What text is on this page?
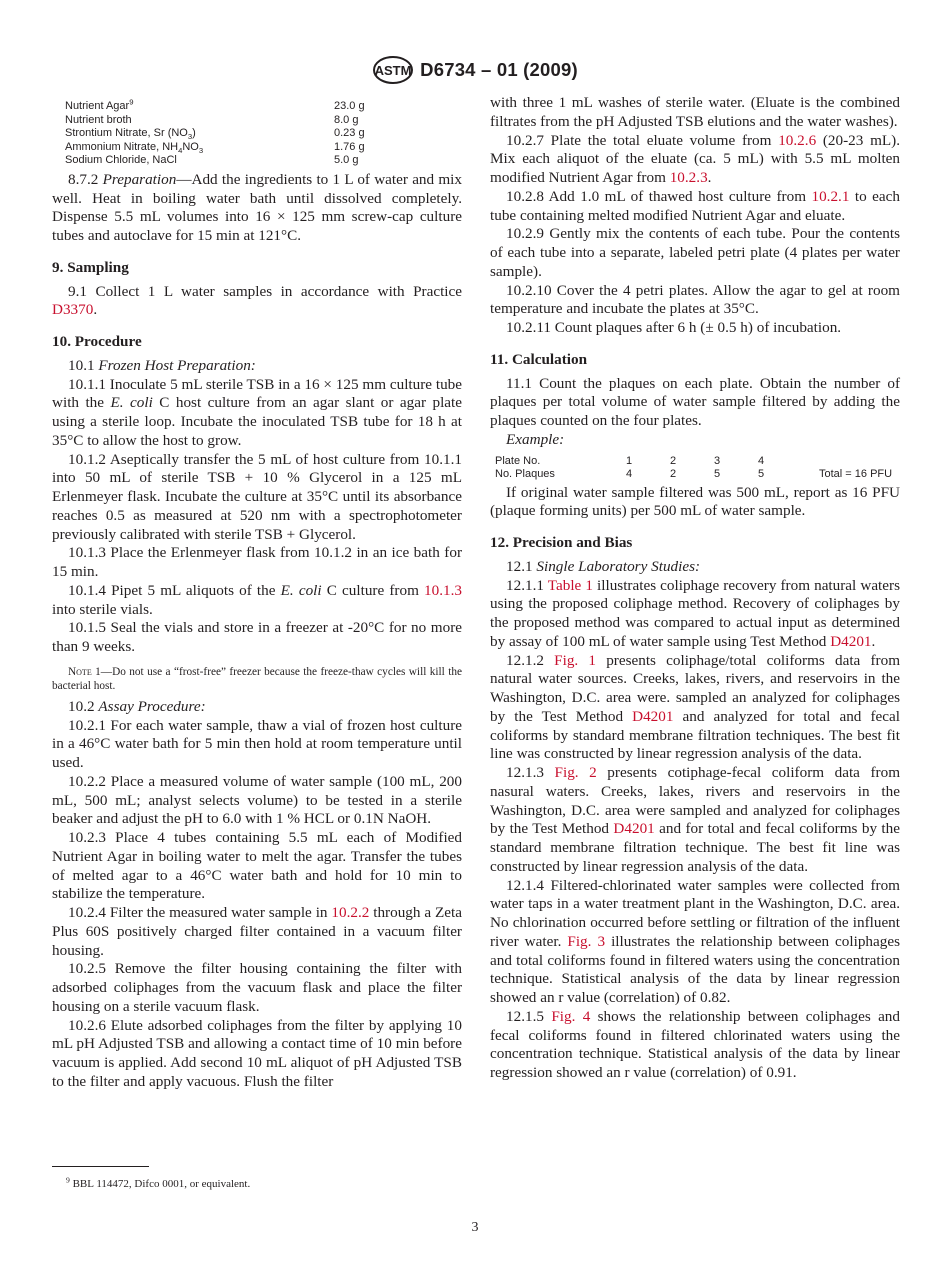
ASTM D6734 – 01 (2009)
Nutrient Agar$^9$	23.0 g
Nutrient broth	8.0 g
Strontium Nitrate, Sr $(NO_3)$	0.23 g
Ammonium Nitrate, $NH_4NO_3$	1.76 g
Sodium Chloride, NaCl	5.0 g
8.7.2 Preparation—Add the ingredients to 1 L of water and mix well. Heat in boiling water bath until dissolved completely. Dispense 5.5 mL volumes into 16 × 125 mm screw-cap culture tubes and autoclave for 15 min at 121°C.
9. Sampling
9.1 Collect 1 L water samples in accordance with Practice D3370.
10. Procedure
10.1 Frozen Host Preparation:
10.1.1 Inoculate 5 mL sterile TSB in a 16 × 125 mm culture tube with the E. coli C host culture from an agar slant or agar plate using a sterile loop. Incubate the inoculated TSB tube for 18 h at 35°C to allow the host to grow.
10.1.2 Aseptically transfer the 5 mL of host culture from 10.1.1 into 50 mL of sterile TSB + 10 % Glycerol in a 125 mL Erlenmeyer flask. Incubate the culture at 35°C until its absorbance reaches 0.5 as measured at 520 nm with a spectrophotometer previously calibrated with sterile TSB + Glycerol.
10.1.3 Place the Erlenmeyer flask from 10.1.2 in an ice bath for 15 min.
10.1.4 Pipet 5 mL aliquots of the E. coli C culture from 10.1.3 into sterile vials.
10.1.5 Seal the vials and store in a freezer at -20°C for no more than 9 weeks.
Note 1—Do not use a “frost-free” freezer because the freeze-thaw cycles will kill the bacterial host.
10.2 Assay Procedure:
10.2.1 For each water sample, thaw a vial of frozen host culture in a 46°C water bath for 5 min then hold at room temperature until used.
10.2.2 Place a measured volume of water sample (100 mL, 200 mL, 500 mL; analyst selects volume) to be tested in a sterile beaker and adjust the pH to 6.0 with 1 % HCL or 0.1N NaOH.
10.2.3 Place 4 tubes containing 5.5 mL each of Modified Nutrient Agar in boiling water to melt the agar. Transfer the tubes of melted agar to a 46°C water bath and hold for 10 min to stabilize the temperature.
10.2.4 Filter the measured water sample in 10.2.2 through a Zeta Plus 60S positively charged filter contained in a vacuum filter housing.
10.2.5 Remove the filter housing containing the filter with adsorbed coliphages from the vacuum flask and place the filter housing on a sterile vacuum flask.
10.2.6 Elute adsorbed coliphages from the filter by applying 10 mL pH Adjusted TSB and allowing a contact time of 10 min before vacuum is applied. Add second 10 mL aliquot of pH Adjusted TSB to the filter and apply vacuous. Flush the filter
with three 1 mL washes of sterile water. (Eluate is the combined filtrates from the pH Adjusted TSB elutions and the water washes).
10.2.7 Plate the total eluate volume from 10.2.6 (20-23 mL). Mix each aliquot of the eluate (ca. 5 mL) with 5.5 mL molten modified Nutrient Agar from 10.2.3.
10.2.8 Add 1.0 mL of thawed host culture from 10.2.1 to each tube containing melted modified Nutrient Agar and eluate.
10.2.9 Gently mix the contents of each tube. Pour the contents of each tube into a separate, labeled petri plate (4 plates per water sample).
10.2.10 Cover the 4 petri plates. Allow the agar to gel at room temperature and incubate the plates at 35°C.
10.2.11 Count plaques after 6 h (± 0.5 h) of incubation.
11. Calculation
11.1 Count the plaques on each plate. Obtain the number of plaques per total volume of water sample filtered by adding the plaques counted on the four plates.
Example:
Plate No.	1	2	3	4	
No. Plaques	4	2	5	5	Total = 16 PFU
If original water sample filtered was 500 mL, report as 16 PFU (plaque forming units) per 500 mL of water sample.
12. Precision and Bias
12.1 Single Laboratory Studies:
12.1.1 Table 1 illustrates coliphage recovery from natural waters using the proposed coliphage method. Recovery of coliphages by the proposed method was compared to actual input as determined by assay of 100 mL of water sample using Test Method D4201.
12.1.2 Fig. 1 presents coliphage/total coliforms data from natural water sources. Creeks, lakes, rivers, and reservoirs in the Washington, D.C. area were. sampled an analyzed for coliphages by the Test Method D4201 and analyzed for total and fecal coliforms by standard membrane filtration techniques. The best fit line was constructed by linear regression analysis of the data.
12.1.3 Fig. 2 presents cotiphage-fecal coliform data from nasural waters. Creeks, lakes, rivers and reservoirs in the Washington, D.C. area were sampled and analyzed for coliphages by the Test Method D4201 and for total and fecal coliforms by the standard membrane filtration technique. The best fit line was constructed by linear regression analysis of the data.
12.1.4 Filtered-chlorinated water samples were collected from water taps in a water treatment plant in the Washington, D.C. area. No chlorination occurred before settling or filtration of the influent river water. Fig. 3 illustrates the relationship between coliphages and total coliforms found in filtered waters using the concentration technique. Statistical analysis of the data by linear regression showed an r value (correlation) of 0.82.
12.1.5 Fig. 4 shows the relationship between coliphages and fecal coliforms found in filtered chlorinated waters using the concentration technique. Statistical analysis of the data by linear regression showed an r value (correlation) of 0.91.
$^9$ BBL 114472, Difco 0001, or equivalent.
3
